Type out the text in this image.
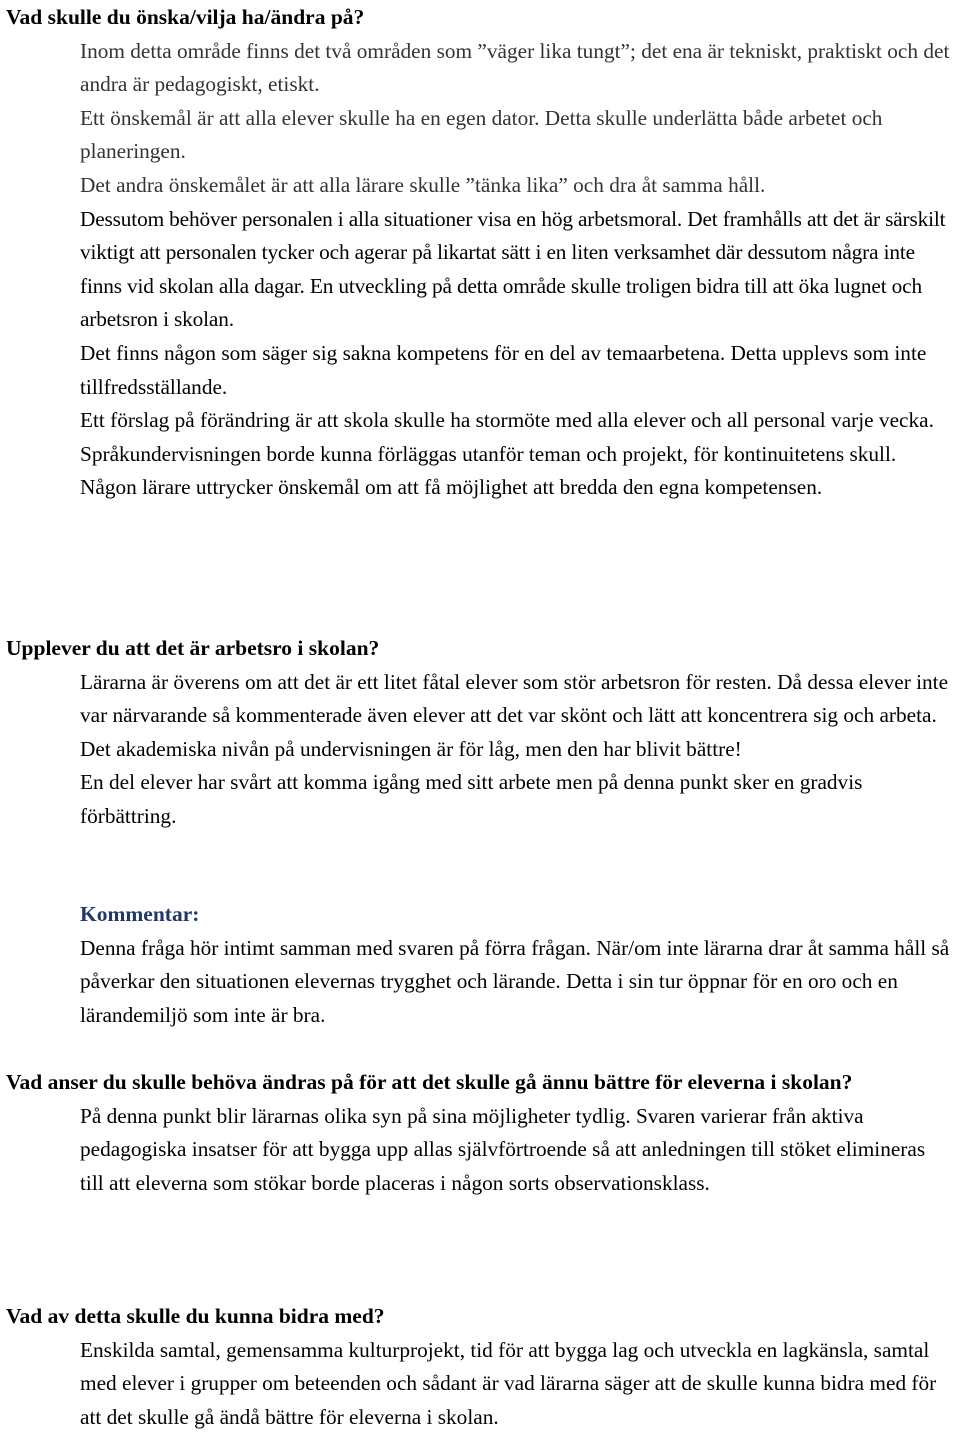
Vad skulle du önska/vilja ha/ändra på?

Inom detta område finns det två områden som ”väger lika tungt”; det ena är tekniskt, praktiskt och det andra är pedagogiskt, etiskt.

Ett önskemål är att alla elever skulle ha en egen dator. Detta skulle underlätta både arbetet och planeringen.

Det andra önskemålet är att alla lärare skulle ”tänka lika” och dra åt samma håll.

Dessutom behöver personalen i alla situationer visa en hög arbetsmoral. Det framhålls att det är särskilt viktigt att personalen tycker och agerar på likartat sätt i en liten verksamhet där dessutom några inte finns vid skolan alla dagar. En utveckling på detta område skulle troligen bidra till att öka lugnet och arbetsron i skolan.

Det finns någon som säger sig sakna kompetens för en del av temaarbetena. Detta upplevs som inte tillfredsställande.

Ett förslag på förändring är att skola skulle ha stormöte med alla elever och all personal varje vecka.

Språkundervisningen borde kunna förläggas utanför teman och projekt, för kontinuitetens skull.

Någon lärare uttrycker önskemål om att få möjlighet att bredda den egna kompetensen.

Upplever du att det är arbetsro i skolan?

Lärarna är överens om att det är ett litet fåtal elever som stör arbetsron för resten. Då dessa elever inte var närvarande så kommenterade även elever att det var skönt och lätt att koncentrera sig och arbeta.

Det akademiska nivån på undervisningen är för låg, men den har blivit bättre!

En del elever har svårt att komma igång med sitt arbete men på denna punkt sker en gradvis förbättring.

Kommentar:

Denna fråga hör intimt samman med svaren på förra frågan. När/om inte lärarna drar åt samma håll så påverkar den situationen elevernas trygghet och lärande. Detta i sin tur öppnar för en oro och en lärandemiljö som inte är bra.

Vad anser du skulle behöva ändras på för att det skulle gå ännu bättre för eleverna i skolan?

På denna punkt blir lärarnas olika syn på sina möjligheter tydlig. Svaren varierar från aktiva pedagogiska insatser för att bygga upp allas självförtroende så att anledningen till stöket elimineras till att eleverna som stökar borde placeras i någon sorts observationsklass.

Vad av detta skulle du kunna bidra med?

Enskilda samtal, gemensamma kulturprojekt, tid för att bygga lag och utveckla en lagkänsla, samtal med elever i grupper om beteenden och sådant är vad lärarna säger att de skulle kunna bidra med för att det skulle gå ändå bättre för eleverna i skolan.
